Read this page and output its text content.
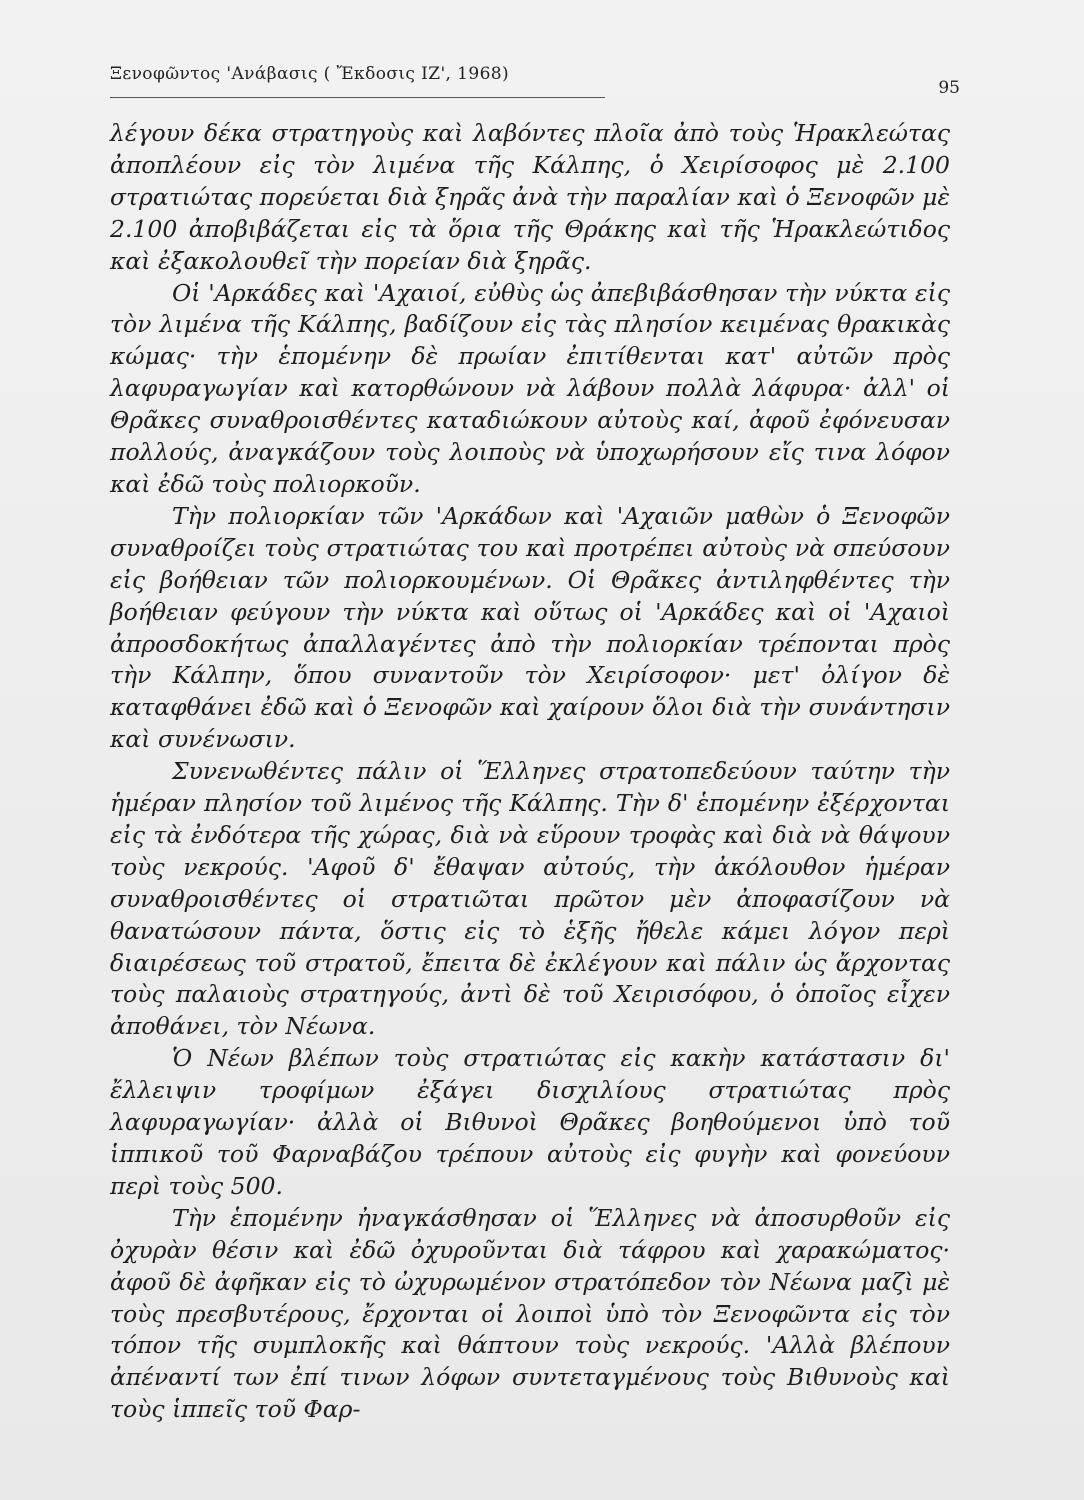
Ξενοφῶντος 'Ανάβασις ( Ἔκδοσις ΙΖ', 1968)
95

λέγουν δέκα στρατηγοὺς καὶ λαβόντες πλοῖα ἀπὸ τοὺς Ἡρακλεώτας ἀποπλέουν εἰς τὸν λιμένα τῆς Κάλπης, ὁ Χειρίσοφος μὲ 2.100 στρατιώτας πορεύεται διὰ ξηρᾶς ἀνὰ τὴν παραλίαν καὶ ὁ Ξενοφῶν μὲ 2.100 ἀποβιβάζεται εἰς τὰ ὅρια τῆς Θράκης καὶ τῆς Ἡρακλεώτιδος καὶ ἐξακολουθεῖ τὴν πορείαν διὰ ξηρᾶς.

Οἱ 'Αρκάδες καὶ 'Αχαιοί, εὐθὺς ὡς ἀπεβιβάσθησαν τὴν νύκτα εἰς τὸν λιμένα τῆς Κάλπης, βαδίζουν εἰς τὰς πλησίον κειμένας θρακικὰς κώμας· τὴν ἑπομένην δὲ πρωίαν ἐπιτίθενται κατ' αὐτῶν πρὸς λαφυραγωγίαν καὶ κατορθώνουν νὰ λάβουν πολλὰ λάφυρα· ἀλλ' οἱ Θρᾶκες συναθροισθέντες καταδιώκουν αὐτοὺς καί, ἀφοῦ ἐφόνευσαν πολλούς, ἀναγκάζουν τοὺς λοιποὺς νὰ ὑποχωρήσουν εἴς τινα λόφον καὶ ἐδῶ τοὺς πολιορκοῦν.

Τὴν πολιορκίαν τῶν 'Αρκάδων καὶ 'Αχαιῶν μαθὼν ὁ Ξενοφῶν συναθροίζει τοὺς στρατιώτας του καὶ προτρέπει αὐτοὺς νὰ σπεύσουν εἰς βοήθειαν τῶν πολιορκουμένων. Οἱ Θρᾶκες ἀντιληφθέντες τὴν βοήθειαν φεύγουν τὴν νύκτα καὶ οὕτως οἱ 'Αρκάδες καὶ οἱ 'Αχαιοὶ ἀπροσδοκήτως ἀπαλλαγέντες ἀπὸ τὴν πολιορκίαν τρέπονται πρὸς τὴν Κάλπην, ὅπου συναντοῦν τὸν Χειρίσοφον· μετ' ὀλίγον δὲ καταφθάνει ἐδῶ καὶ ὁ Ξενοφῶν καὶ χαίρουν ὅλοι διὰ τὴν συνάντησιν καὶ συνένωσιν.

Συνενωθέντες πάλιν οἱ Ἕλληνες στρατοπεδεύουν ταύτην τὴν ἡμέραν πλησίον τοῦ λιμένος τῆς Κάλπης. Τὴν δ' ἑπομένην ἐξέρχονται εἰς τὰ ἐνδότερα τῆς χώρας, διὰ νὰ εὕρουν τροφὰς καὶ διὰ νὰ θάψουν τοὺς νεκρούς. 'Αφοῦ δ' ἔθαψαν αὐτούς, τὴν ἀκόλουθον ἡμέραν συναθροισθέντες οἱ στρατιῶται πρῶτον μὲν ἀποφασίζουν νὰ θανατώσουν πάντα, ὅστις εἰς τὸ ἑξῆς ἤθελε κάμει λόγον περὶ διαιρέσεως τοῦ στρατοῦ, ἔπειτα δὲ ἐκλέγουν καὶ πάλιν ὡς ἄρχοντας τοὺς παλαιοὺς στρατηγούς, ἀντὶ δὲ τοῦ Χειρισόφου, ὁ ὁποῖος εἶχεν ἀποθάνει, τὸν Νέωνα.

Ὁ Νέων βλέπων τοὺς στρατιώτας εἰς κακὴν κατάστασιν δι' ἔλλειψιν τροφίμων ἐξάγει δισχιλίους στρατιώτας πρὸς λαφυραγωγίαν· ἀλλὰ οἱ Βιθυνοὶ Θρᾶκες βοηθούμενοι ὑπὸ τοῦ ἱππικοῦ τοῦ Φαρναβάζου τρέπουν αὐτοὺς εἰς φυγὴν καὶ φονεύουν περὶ τοὺς 500.

Τὴν ἑπομένην ἠναγκάσθησαν οἱ Ἕλληνες νὰ ἀποσυρθοῦν εἰς ὀχυρὰν θέσιν καὶ ἐδῶ ὀχυροῦνται διὰ τάφρου καὶ χαρακώματος· ἀφοῦ δὲ ἀφῆκαν εἰς τὸ ὠχυρωμένον στρατόπεδον τὸν Νέωνα μαζὶ μὲ τοὺς πρεσβυτέρους, ἔρχονται οἱ λοιποὶ ὑπὸ τὸν Ξενοφῶντα εἰς τὸν τόπον τῆς συμπλοκῆς καὶ θάπτουν τοὺς νεκρούς. 'Αλλὰ βλέπουν ἀπέναντί των ἐπί τινων λόφων συντεταγμένους τοὺς Βιθυνοὺς καὶ τοὺς ἱππεῖς τοῦ Φαρ-
